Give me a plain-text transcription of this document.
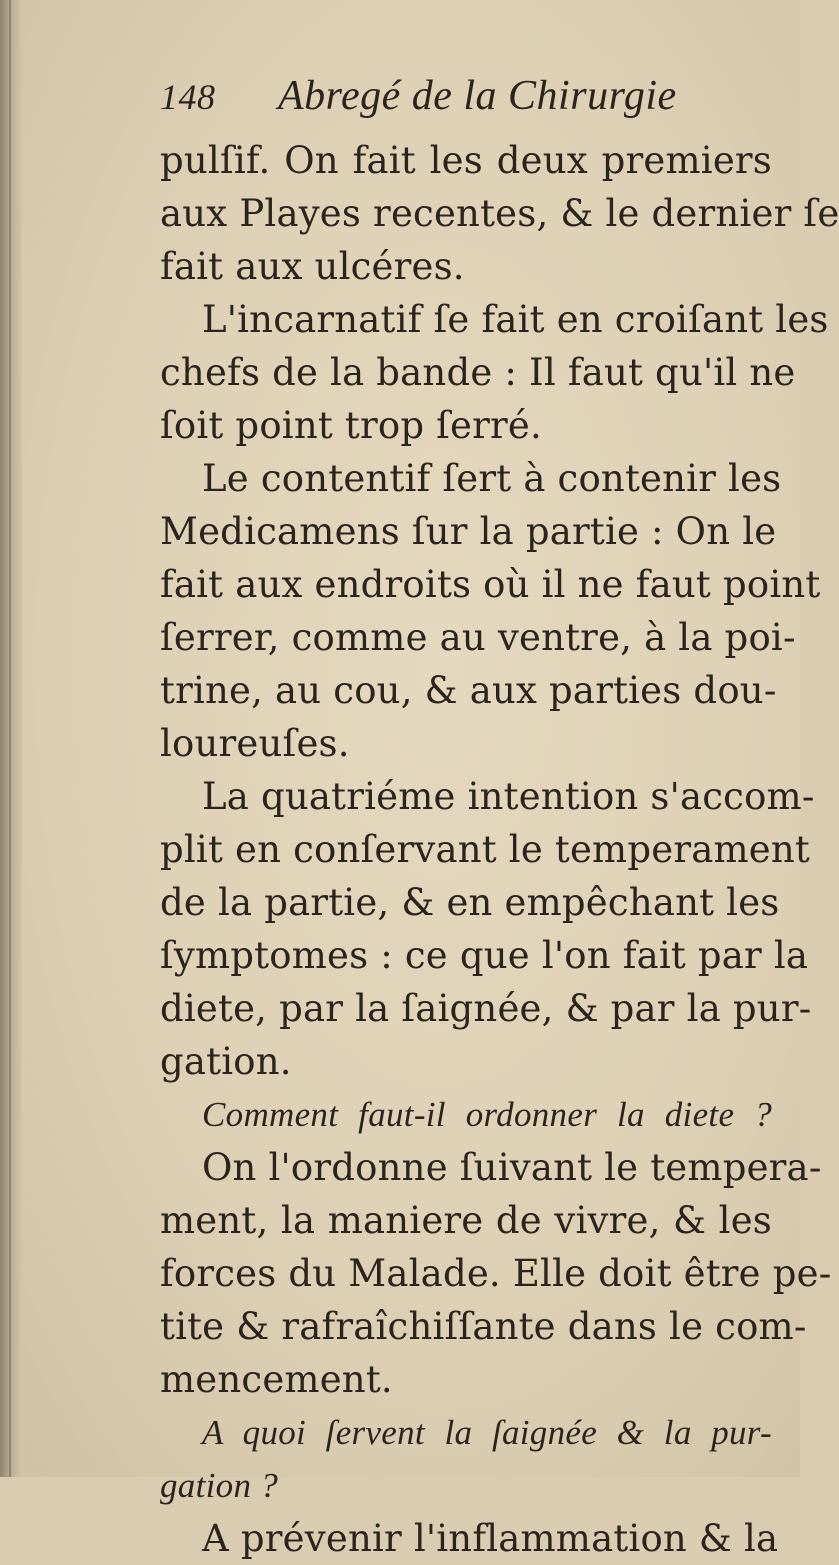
148	Abregé de la Chirurgie
pulſif. On fait les deux premiers
aux Playes recentes, & le dernier ſe
fait aux ulcéres.
L'incarnatif ſe fait en croiſant les
chefs de la bande : Il faut qu'il ne
ſoit point trop ſerré.
Le contentif ſert à contenir les
Medicamens ſur la partie : On le
fait aux endroits où il ne faut point
ſerrer, comme au ventre, à la poi-
trine, au cou, & aux parties dou-
loureuſes.
La quatriéme intention s'accom-
plit en conſervant le temperament
de la partie, & en empêchant les
ſymptomes : ce que l'on fait par la
diete, par la ſaignée, & par la pur-
gation.
Comment faut-il ordonner la diete ?
On l'ordonne ſuivant le tempera-
ment, la maniere de vivre, & les
forces du Malade. Elle doit être pe-
tite & rafraîchiſſante dans le com-
mencement.
A quoi ſervent la ſaignée & la pur-
gation ?
A prévenir l'inflammation & la
